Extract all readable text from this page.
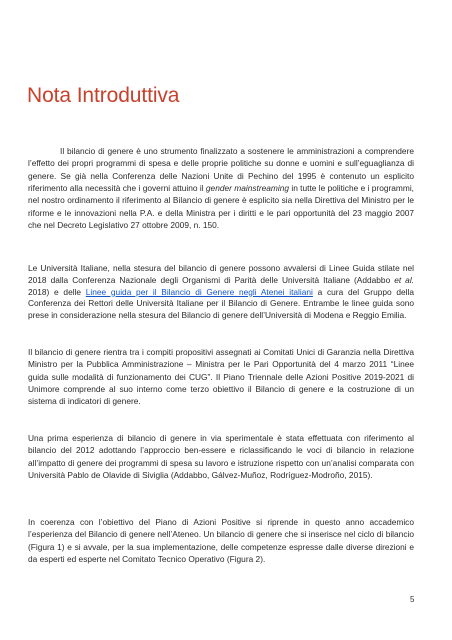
Nota Introduttiva

Il bilancio di genere è uno strumento finalizzato a sostenere le amministrazioni a comprendere l’effetto dei propri programmi di spesa e delle proprie politiche su donne e uomini e sull’eguaglianza di genere. Se già nella Conferenza delle Nazioni Unite di Pechino del 1995 è contenuto un esplicito riferimento alla necessità che i governi attuino il gender mainstreaming in tutte le politiche e i programmi, nel nostro ordinamento il riferimento al Bilancio di genere è esplicito sia nella Direttiva del Ministro per le riforme e le innovazioni nella P.A. e della Ministra per i diritti e le pari opportunità del 23 maggio 2007 che nel Decreto Legislativo 27 ottobre 2009, n. 150.

Le Università Italiane, nella stesura del bilancio di genere possono avvalersi di Linee Guida stilate nel 2018 dalla Conferenza Nazionale degli Organismi di Parità delle Università Italiane (Addabbo et al. 2018) e delle Linee guida per il Bilancio di Genere negli Atenei italiani a cura del Gruppo della Conferenza dei Rettori delle Università Italiane per il Bilancio di Genere. Entrambe le linee guida sono prese in considerazione nella stesura del Bilancio di genere dell’Università di Modena e Reggio Emilia.

Il bilancio di genere rientra tra i compiti propositivi assegnati ai Comitati Unici di Garanzia nella Direttiva Ministro per la Pubblica Amministrazione – Ministra per le Pari Opportunità del 4 marzo 2011 “Linee guida sulle modalità di funzionamento dei CUG”. Il Piano Triennale delle Azioni Positive 2019-2021 di Unimore comprende al suo interno come terzo obiettivo il Bilancio di genere e la costruzione di un sistema di indicatori di genere.

Una prima esperienza di bilancio di genere in via sperimentale è stata effettuata con riferimento al bilancio del 2012 adottando l’approccio ben-essere e riclassificando le voci di bilancio in relazione all’impatto di genere dei programmi di spesa su lavoro e istruzione rispetto con un’analisi comparata con Università Pablo de Olavide di Siviglia (Addabbo, Gálvez-Muñoz, Rodríguez-Modroño, 2015).

In coerenza con l’obiettivo del Piano di Azioni Positive si riprende in questo anno accademico l’esperienza del Bilancio di genere nell’Ateneo. Un bilancio di genere che si inserisce nel ciclo di bilancio (Figura 1) e si avvale, per la sua implementazione, delle competenze espresse dalle diverse direzioni e da esperti ed esperte nel Comitato Tecnico Operativo (Figura 2).

5
